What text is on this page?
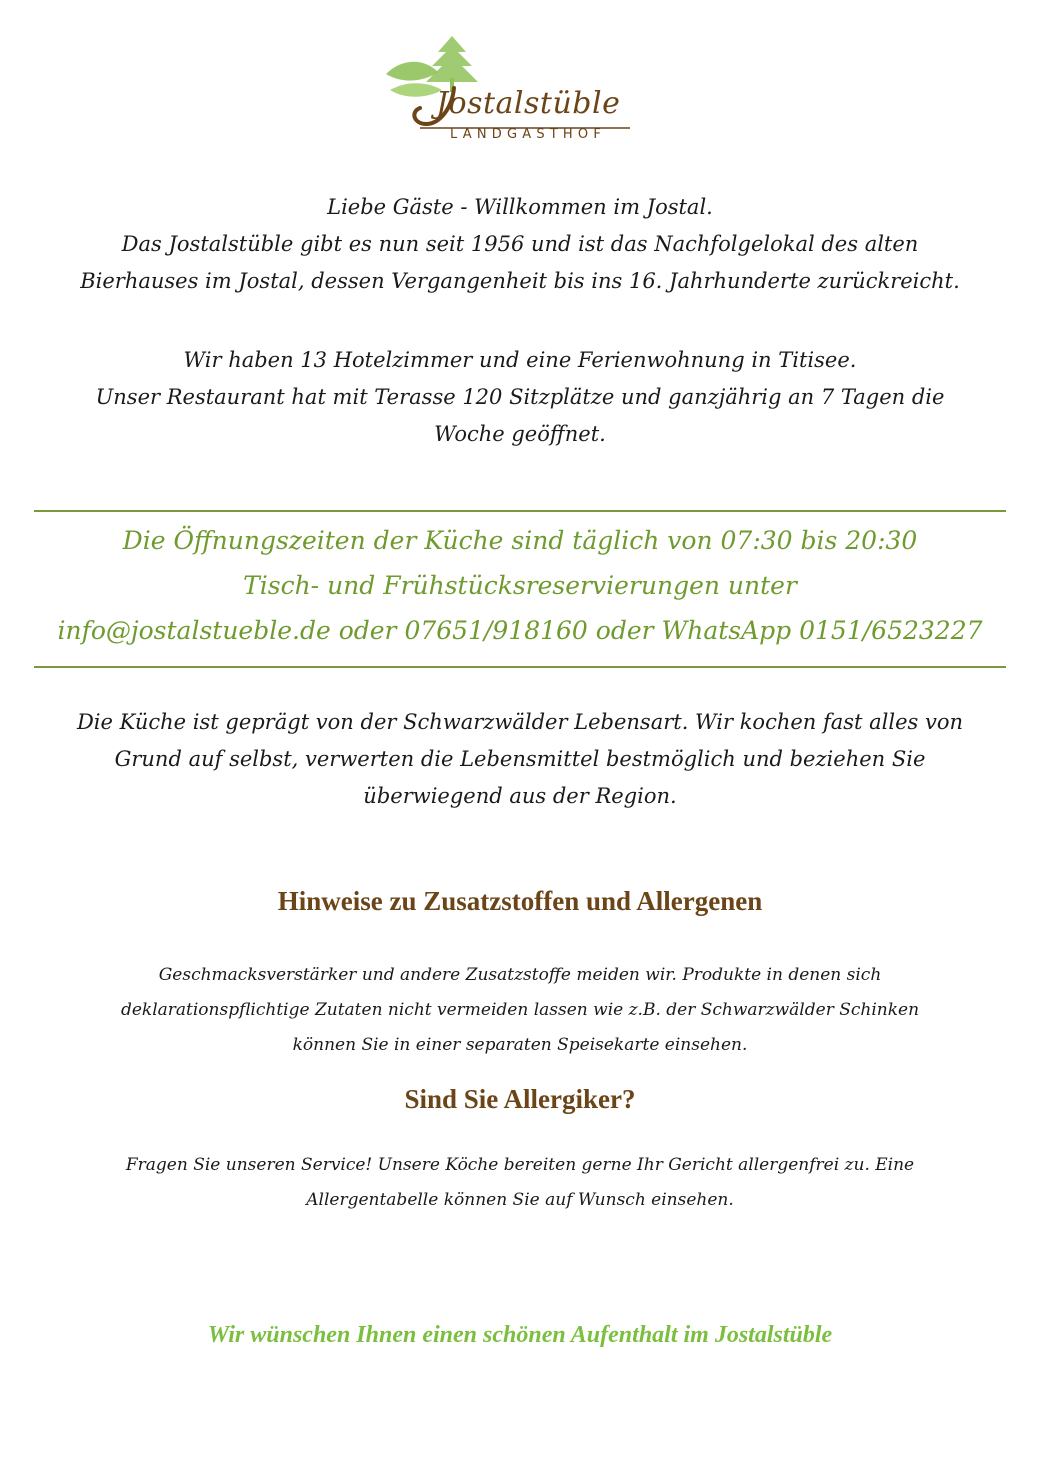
Jostalstüble
LANDGASTHOF

Liebe Gäste - Willkommen im Jostal.

Das Jostalstüble gibt es nun seit 1956 und ist das Nachfolgelokal des alten

Bierhauses im Jostal, dessen Vergangenheit bis ins 16. Jahrhunderte zurückreicht.

Wir haben 13 Hotelzimmer und eine Ferienwohnung in Titisee.

Unser Restaurant hat mit Terasse 120 Sitzplätze und ganzjährig an 7 Tagen die

Woche geöffnet.

Die Öffnungszeiten der Küche sind täglich von 07:30 bis 20:30

Tisch- und Frühstücksreservierungen unter

info@jostalstueble.de oder 07651/918160 oder WhatsApp 0151/6523227

Die Küche ist geprägt von der Schwarzwälder Lebensart. Wir kochen fast alles von

Grund auf selbst, verwerten die Lebensmittel bestmöglich und beziehen Sie

überwiegend aus der Region.

Hinweise zu Zusatzstoffen und Allergenen

Geschmacksverstärker und andere Zusatzstoffe meiden wir. Produkte in denen sich

deklarationspflichtige Zutaten nicht vermeiden lassen wie z.B. der Schwarzwälder Schinken

können Sie in einer separaten Speisekarte einsehen.

Sind Sie Allergiker?

Fragen Sie unseren Service! Unsere Köche bereiten gerne Ihr Gericht allergenfrei zu. Eine

Allergentabelle können Sie auf Wunsch einsehen.

Wir wünschen Ihnen einen schönen Aufenthalt im Jostalstüble
